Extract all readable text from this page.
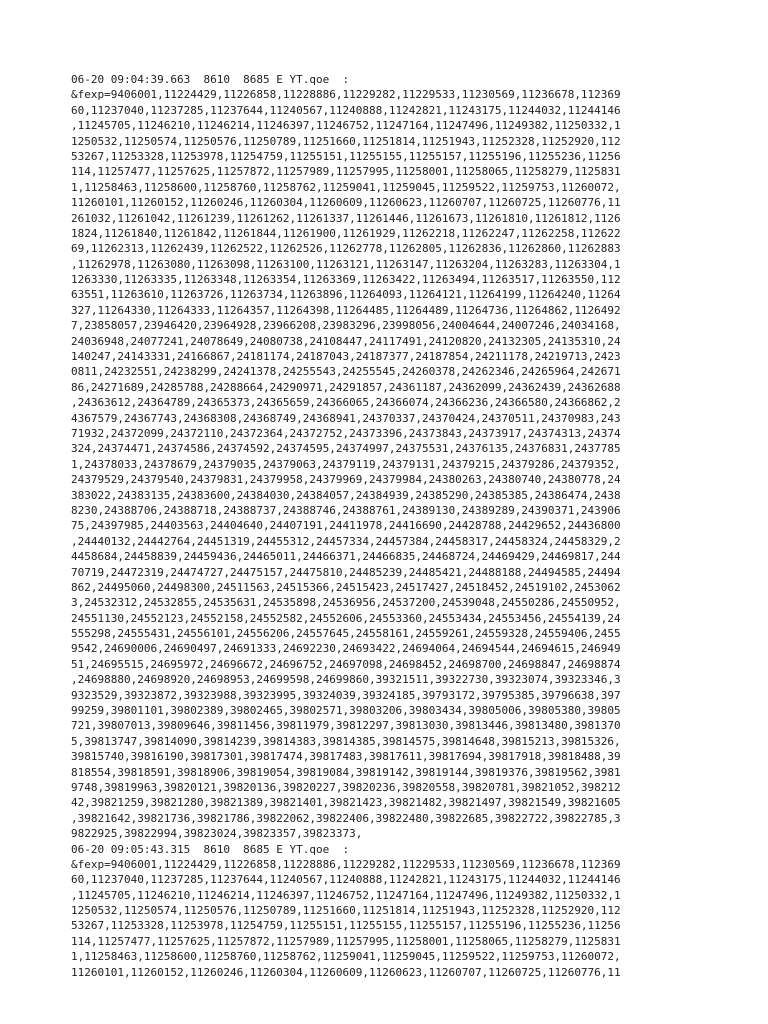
06-20 09:04:39.663  8610  8685 E YT.qoe  :
&fexp=9406001,11224429,11226858,11228886,11229282,11229533,11230569,11236678,112369
60,11237040,11237285,11237644,11240567,11240888,11242821,11243175,11244032,11244146
,11245705,11246210,11246214,11246397,11246752,11247164,11247496,11249382,11250332,1
1250532,11250574,11250576,11250789,11251660,11251814,11251943,11252328,11252920,112
53267,11253328,11253978,11254759,11255151,11255155,11255157,11255196,11255236,11256
114,11257477,11257625,11257872,11257989,11257995,11258001,11258065,11258279,1125831
1,11258463,11258600,11258760,11258762,11259041,11259045,11259522,11259753,11260072,
11260101,11260152,11260246,11260304,11260609,11260623,11260707,11260725,11260776,11
261032,11261042,11261239,11261262,11261337,11261446,11261673,11261810,11261812,1126
1824,11261840,11261842,11261844,11261900,11261929,11262218,11262247,11262258,112622
69,11262313,11262439,11262522,11262526,11262778,11262805,11262836,11262860,11262883
,11262978,11263080,11263098,11263100,11263121,11263147,11263204,11263283,11263304,1
1263330,11263335,11263348,11263354,11263369,11263422,11263494,11263517,11263550,112
63551,11263610,11263726,11263734,11263896,11264093,11264121,11264199,11264240,11264
327,11264330,11264333,11264357,11264398,11264485,11264489,11264736,11264862,1126492
7,23858057,23946420,23964928,23966208,23983296,23998056,24004644,24007246,24034168,
24036948,24077241,24078649,24080738,24108447,24117491,24120820,24132305,24135310,24
140247,24143331,24166867,24181174,24187043,24187377,24187854,24211178,24219713,2423
0811,24232551,24238299,24241378,24255543,24255545,24260378,24262346,24265964,242671
86,24271689,24285788,24288664,24290971,24291857,24361187,24362099,24362439,24362688
,24363612,24364789,24365373,24365659,24366065,24366074,24366236,24366580,24366862,2
4367579,24367743,24368308,24368749,24368941,24370337,24370424,24370511,24370983,243
71932,24372099,24372110,24372364,24372752,24373396,24373843,24373917,24374313,24374
324,24374471,24374586,24374592,24374595,24374997,24375531,24376135,24376831,2437785
1,24378033,24378679,24379035,24379063,24379119,24379131,24379215,24379286,24379352,
24379529,24379540,24379831,24379958,24379969,24379984,24380263,24380740,24380778,24
383022,24383135,24383600,24384030,24384057,24384939,24385290,24385385,24386474,2438
8230,24388706,24388718,24388737,24388746,24388761,24389130,24389289,24390371,243906
75,24397985,24403563,24404640,24407191,24411978,24416690,24428788,24429652,24436800
,24440132,24442764,24451319,24455312,24457334,24457384,24458317,24458324,24458329,2
4458684,24458839,24459436,24465011,24466371,24466835,24468724,24469429,24469817,244
70719,24472319,24474727,24475157,24475810,24485239,24485421,24488188,24494585,24494
862,24495060,24498300,24511563,24515366,24515423,24517427,24518452,24519102,2453062
3,24532312,24532855,24535631,24535898,24536956,24537200,24539048,24550286,24550952,
24551130,24552123,24552158,24552582,24552606,24553360,24553434,24553456,24554139,24
555298,24555431,24556101,24556206,24557645,24558161,24559261,24559328,24559406,2455
9542,24690006,24690497,24691333,24692230,24693422,24694064,24694544,24694615,246949
51,24695515,24695972,24696672,24696752,24697098,24698452,24698700,24698847,24698874
,24698880,24698920,24698953,24699598,24699860,39321511,39322730,39323074,39323346,3
9323529,39323872,39323988,39323995,39324039,39324185,39793172,39795385,39796638,397
99259,39801101,39802389,39802465,39802571,39803206,39803434,39805006,39805380,39805
721,39807013,39809646,39811456,39811979,39812297,39813030,39813446,39813480,3981370
5,39813747,39814090,39814239,39814383,39814385,39814575,39814648,39815213,39815326,
39815740,39816190,39817301,39817474,39817483,39817611,39817694,39817918,39818488,39
818554,39818591,39818906,39819054,39819084,39819142,39819144,39819376,39819562,3981
9748,39819963,39820121,39820136,39820227,39820236,39820558,39820781,39821052,398212
42,39821259,39821280,39821389,39821401,39821423,39821482,39821497,39821549,39821605
,39821642,39821736,39821786,39822062,39822406,39822480,39822685,39822722,39822785,3
9822925,39822994,39823024,39823357,39823373,
06-20 09:05:43.315  8610  8685 E YT.qoe  :
&fexp=9406001,11224429,11226858,11228886,11229282,11229533,11230569,11236678,112369
60,11237040,11237285,11237644,11240567,11240888,11242821,11243175,11244032,11244146
,11245705,11246210,11246214,11246397,11246752,11247164,11247496,11249382,11250332,1
1250532,11250574,11250576,11250789,11251660,11251814,11251943,11252328,11252920,112
53267,11253328,11253978,11254759,11255151,11255155,11255157,11255196,11255236,11256
114,11257477,11257625,11257872,11257989,11257995,11258001,11258065,11258279,1125831
1,11258463,11258600,11258760,11258762,11259041,11259045,11259522,11259753,11260072,
11260101,11260152,11260246,11260304,11260609,11260623,11260707,11260725,11260776,11
